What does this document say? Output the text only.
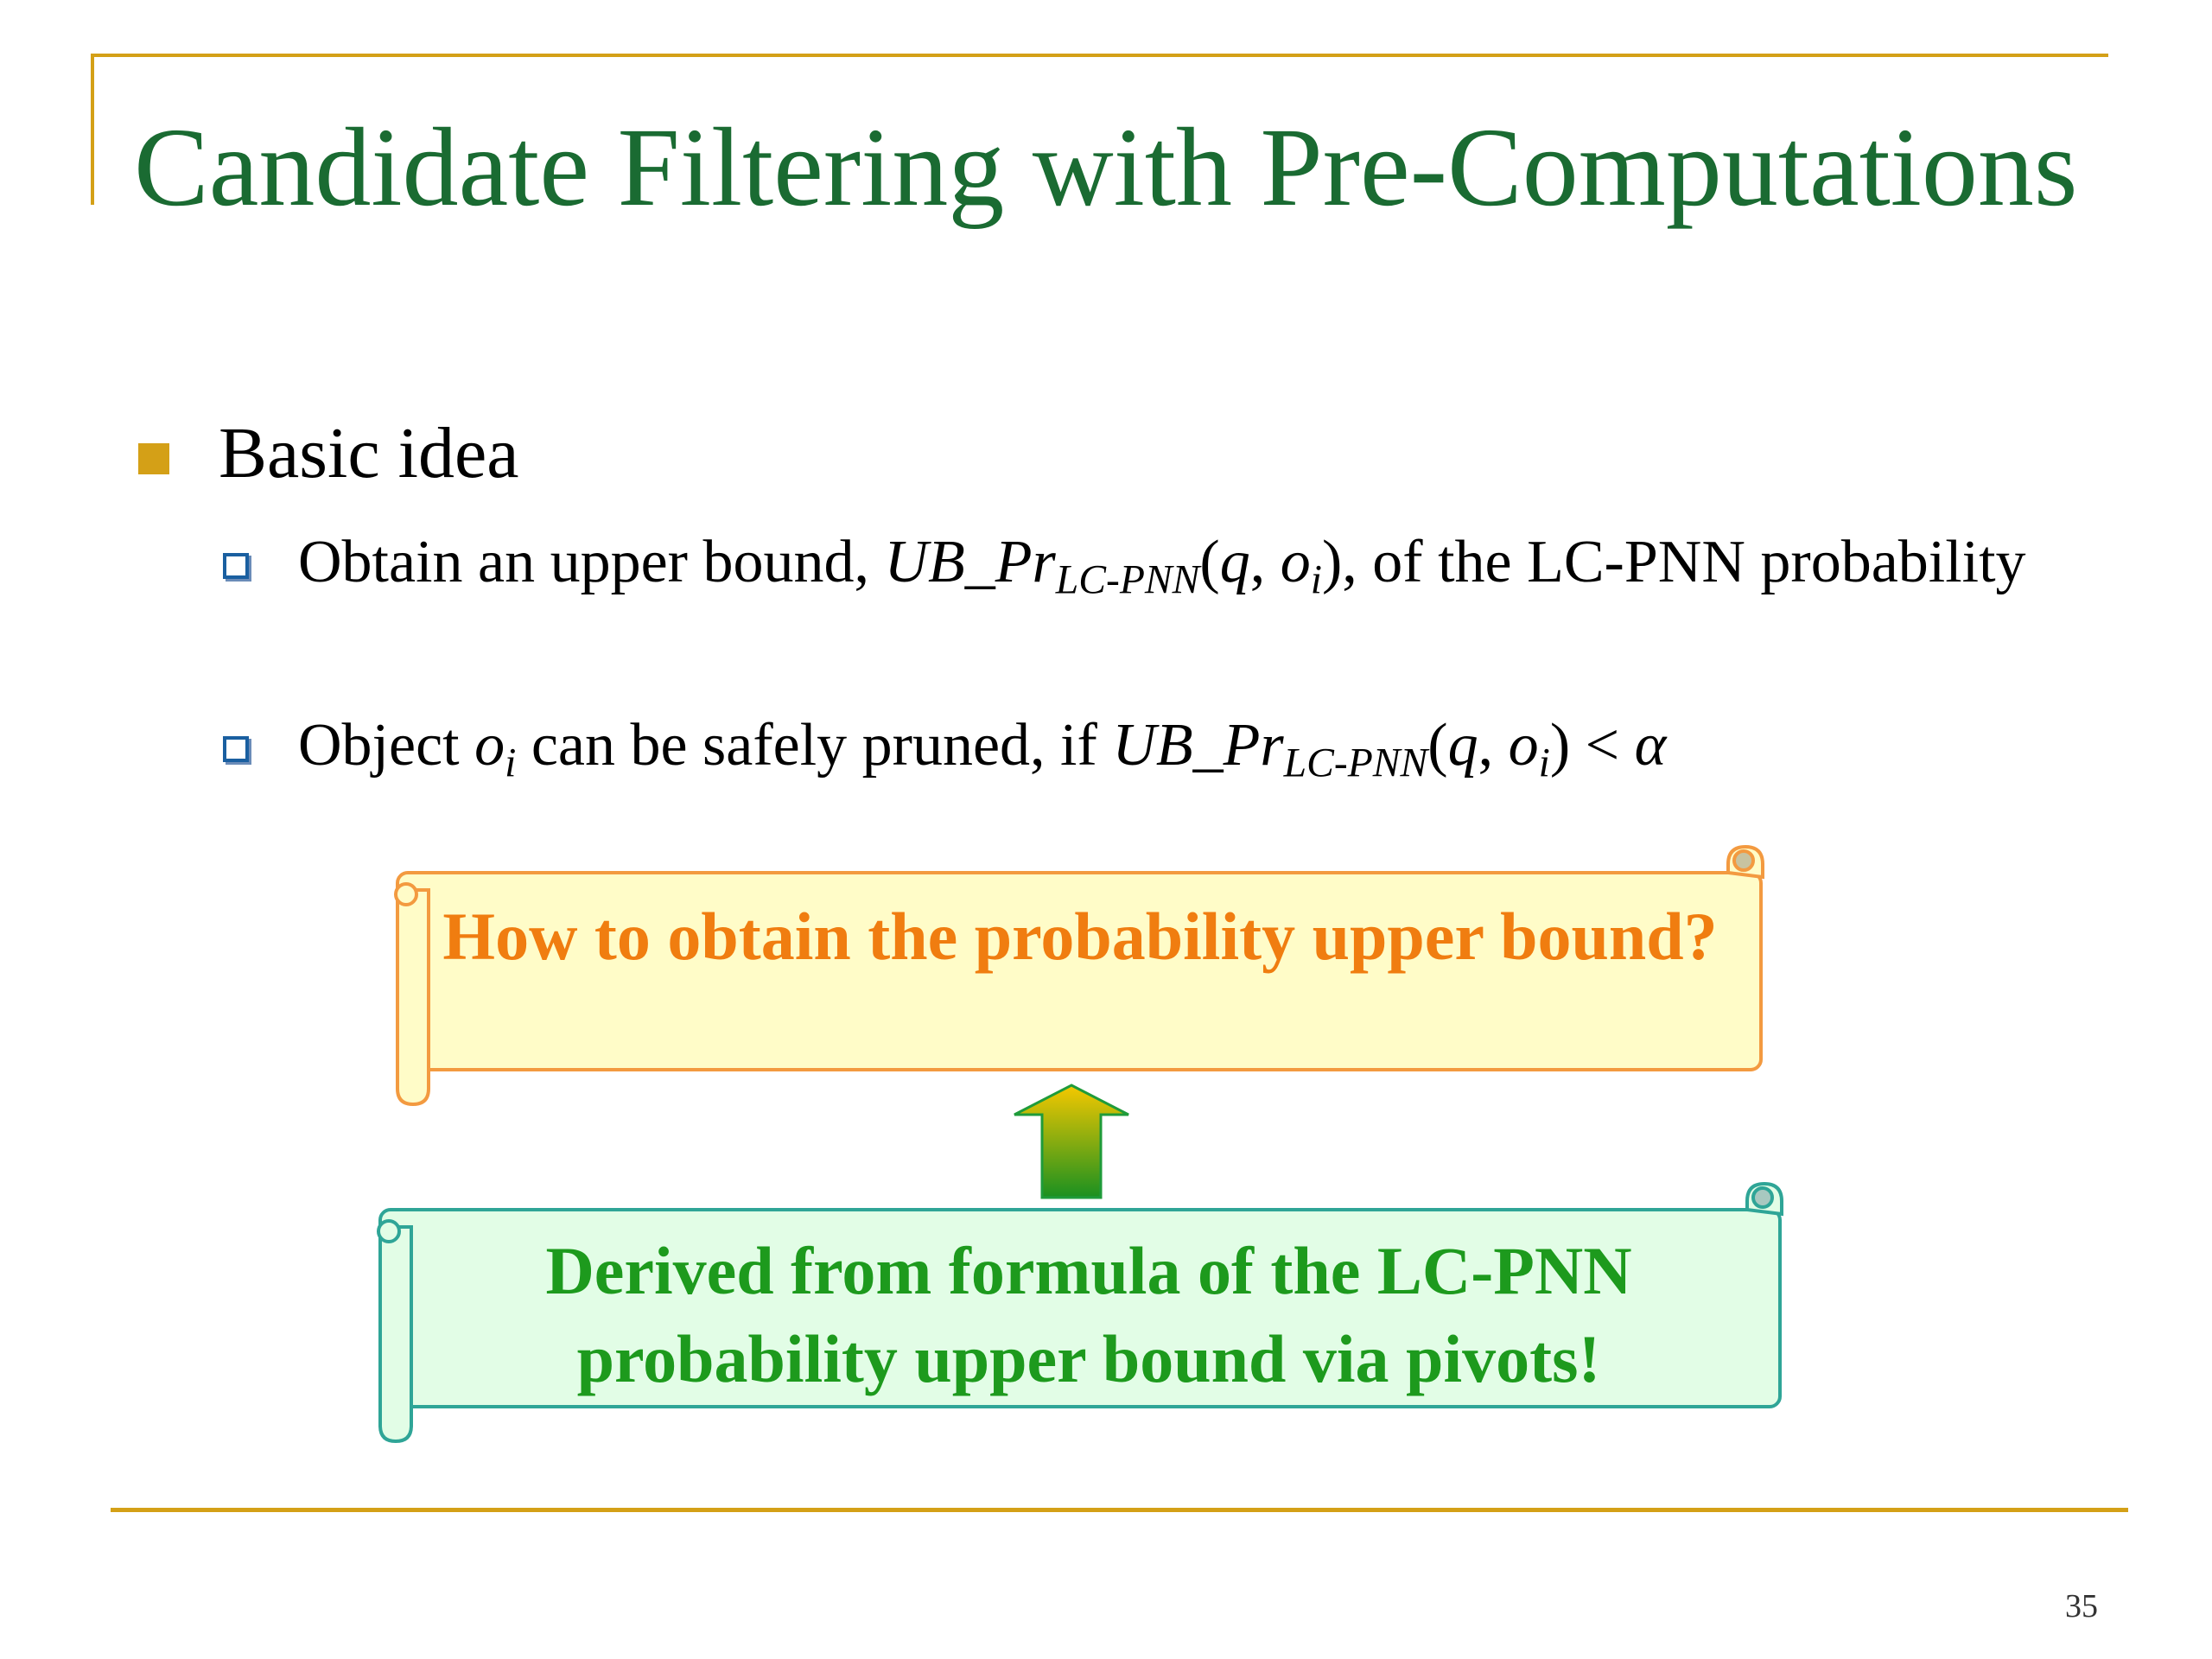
Candidate Filtering with Pre-Computations
Basic idea
Obtain an upper bound, $UB\_Pr_{LC-PNN}(q$, $o_i$), of the LC-PNN probability
Object $o_i$ can be safely pruned, if $UB\_Pr_{LC-PNN}(q$, $o_i) < \alpha$
How to obtain the probability upper bound?
Derived from formula of the LC-PNN probability upper bound via pivots!
35
